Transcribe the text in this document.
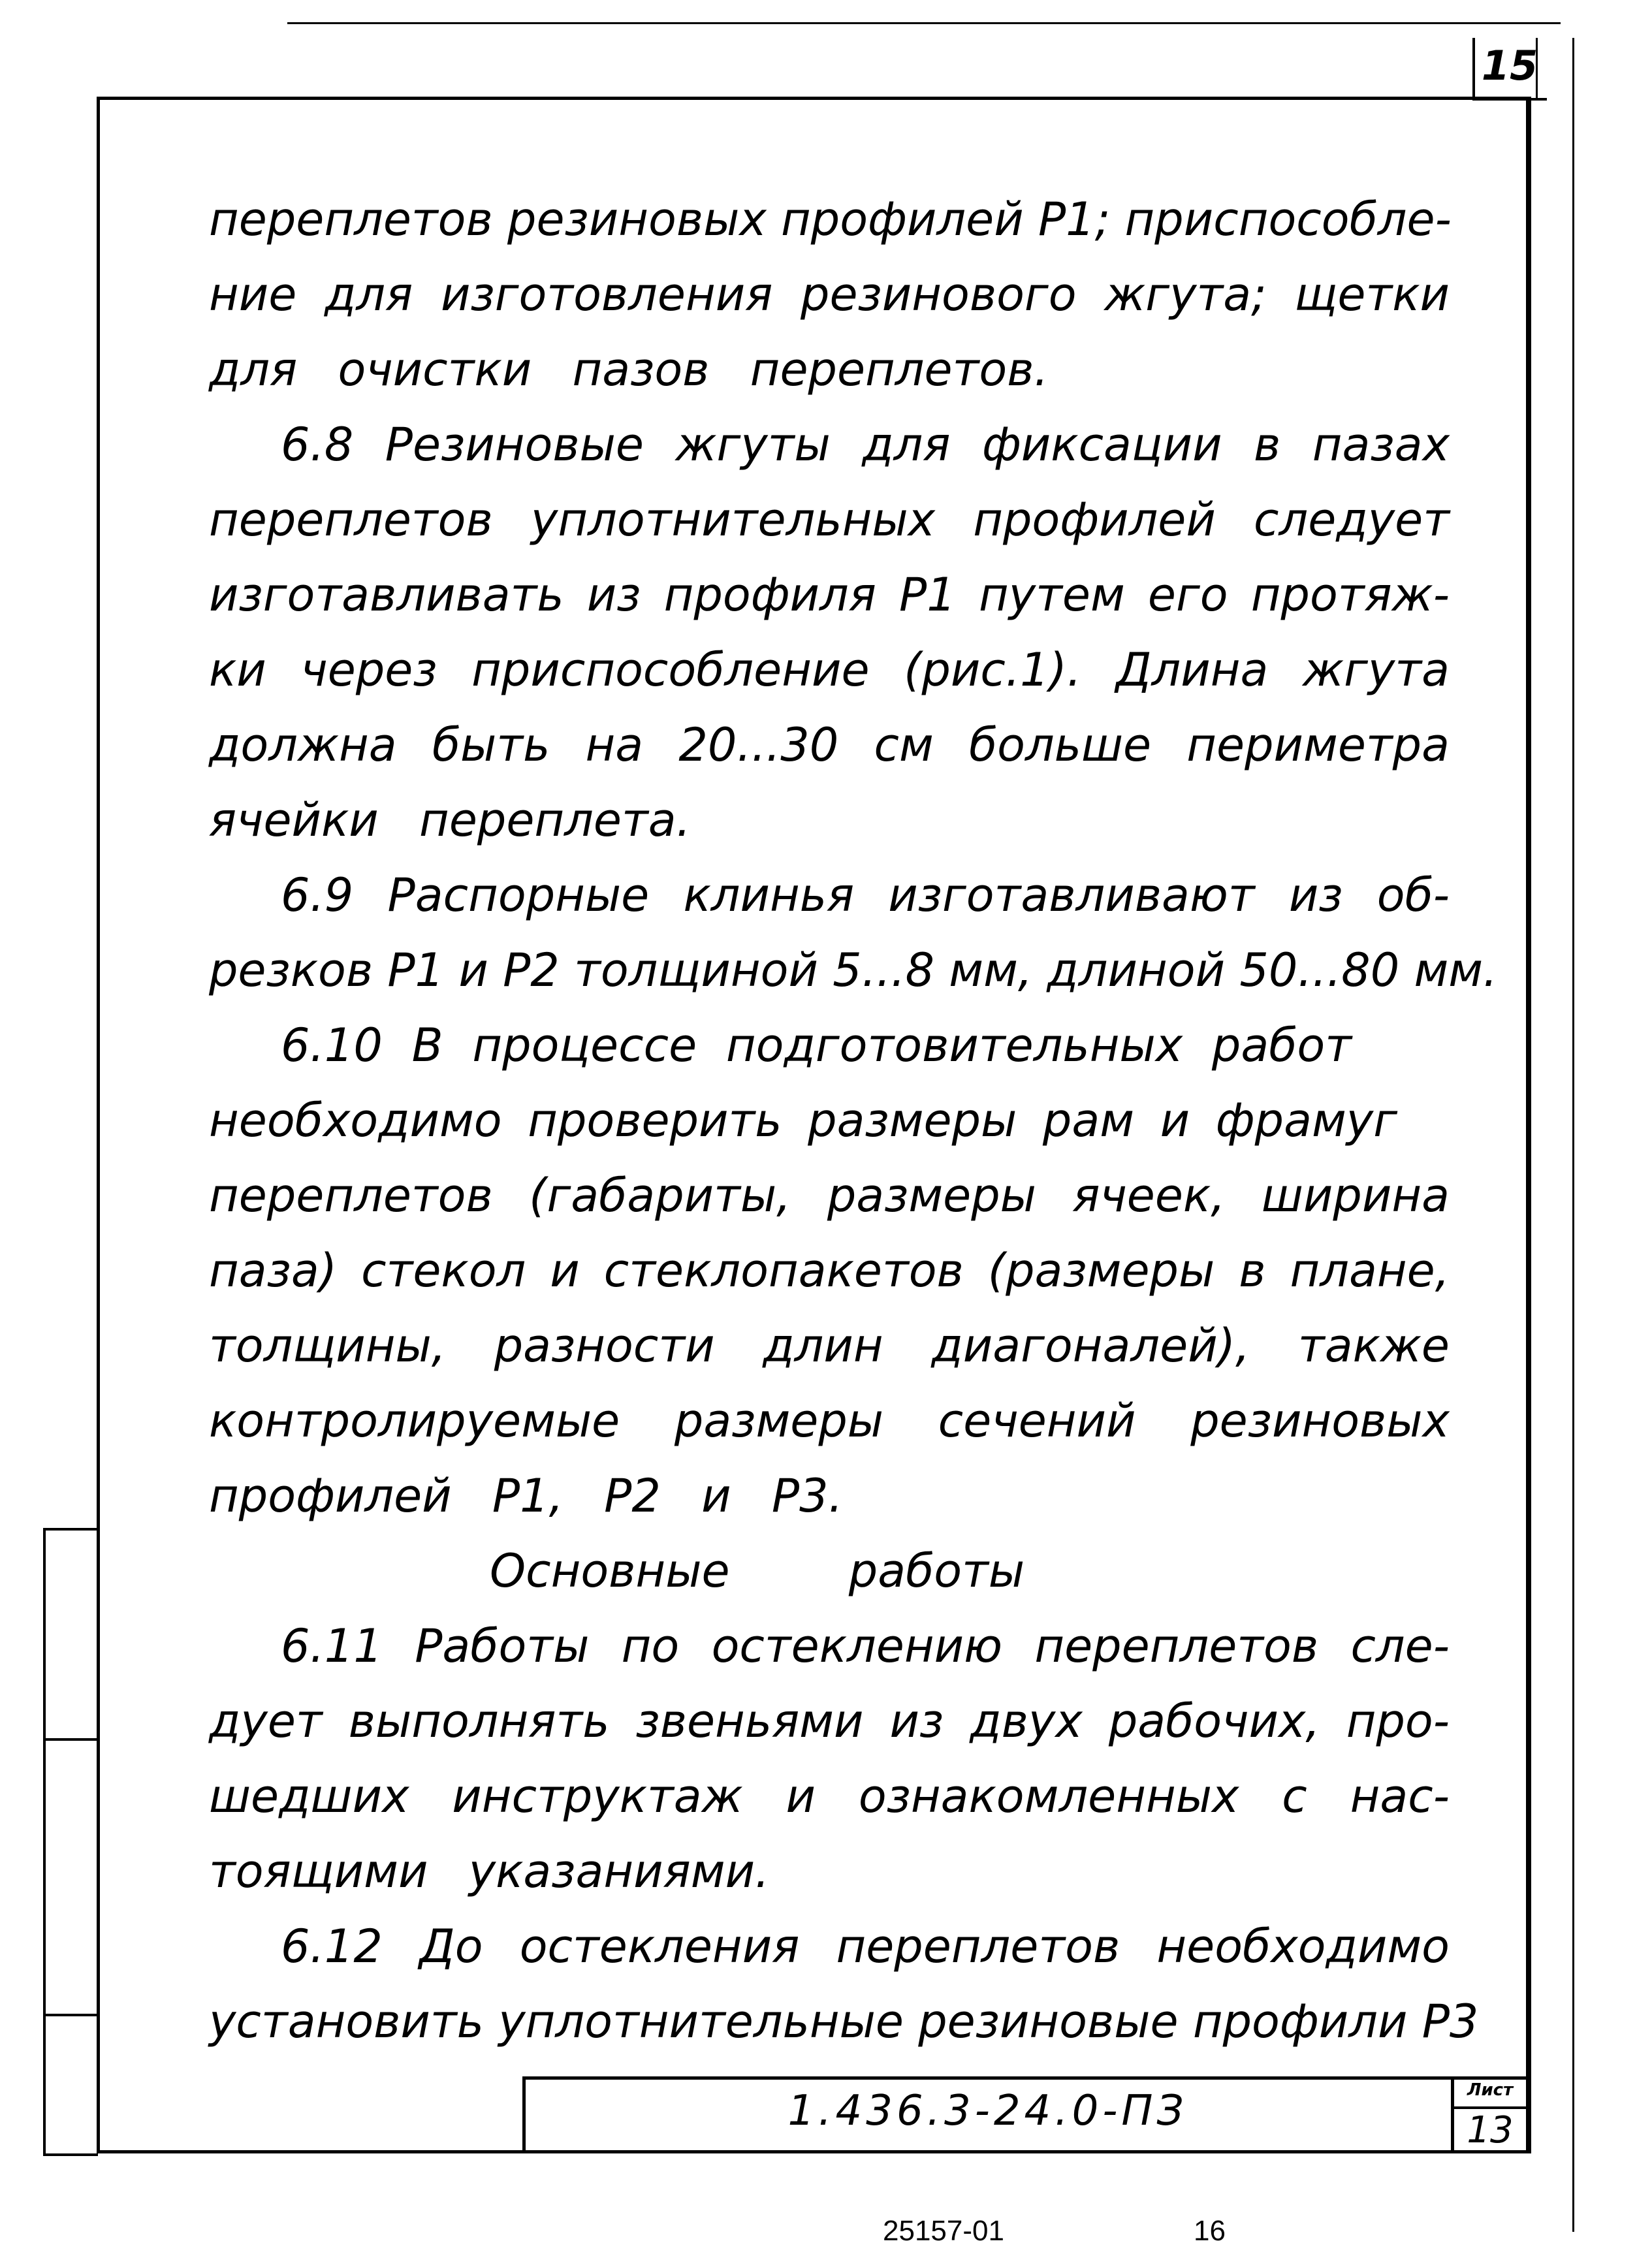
15
переплетов резиновых профилей Р1; приспособле-
ние для изготовления резинового жгута; щетки
для очистки пазов переплетов.
6.8 Резиновые жгуты для фиксации в пазах
переплетов уплотнительных профилей следует
изготавливать из профиля Р1 путем его протяж-
ки через приспособление (рис.1). Длина жгута
должна быть на 20...30 см больше периметра
ячейки переплета.
6.9 Распорные клинья изготавливают из об-
резков Р1 и Р2 толщиной 5...8 мм, длиной 50...80 мм.
6.10 В процессе подготовительных работ
необходимо проверить размеры рам и фрамуг
переплетов (габариты, размеры ячеек, ширина
паза) стекол и стеклопакетов (размеры в плане,
толщины, разности длин диагоналей), также
контролируемые размеры сечений резиновых
профилей Р1, Р2 и Р3.
Основные работы
6.11 Работы по остеклению переплетов сле-
дует выполнять звеньями из двух рабочих, про-
шедших инструктаж и ознакомленных с нас-
тоящими указаниями.
6.12 До остекления переплетов необходимо
1.436.3-24.0-ПЗ	Лист
13
25157-01	16
установить уплотнительные резиновые профили Р3
